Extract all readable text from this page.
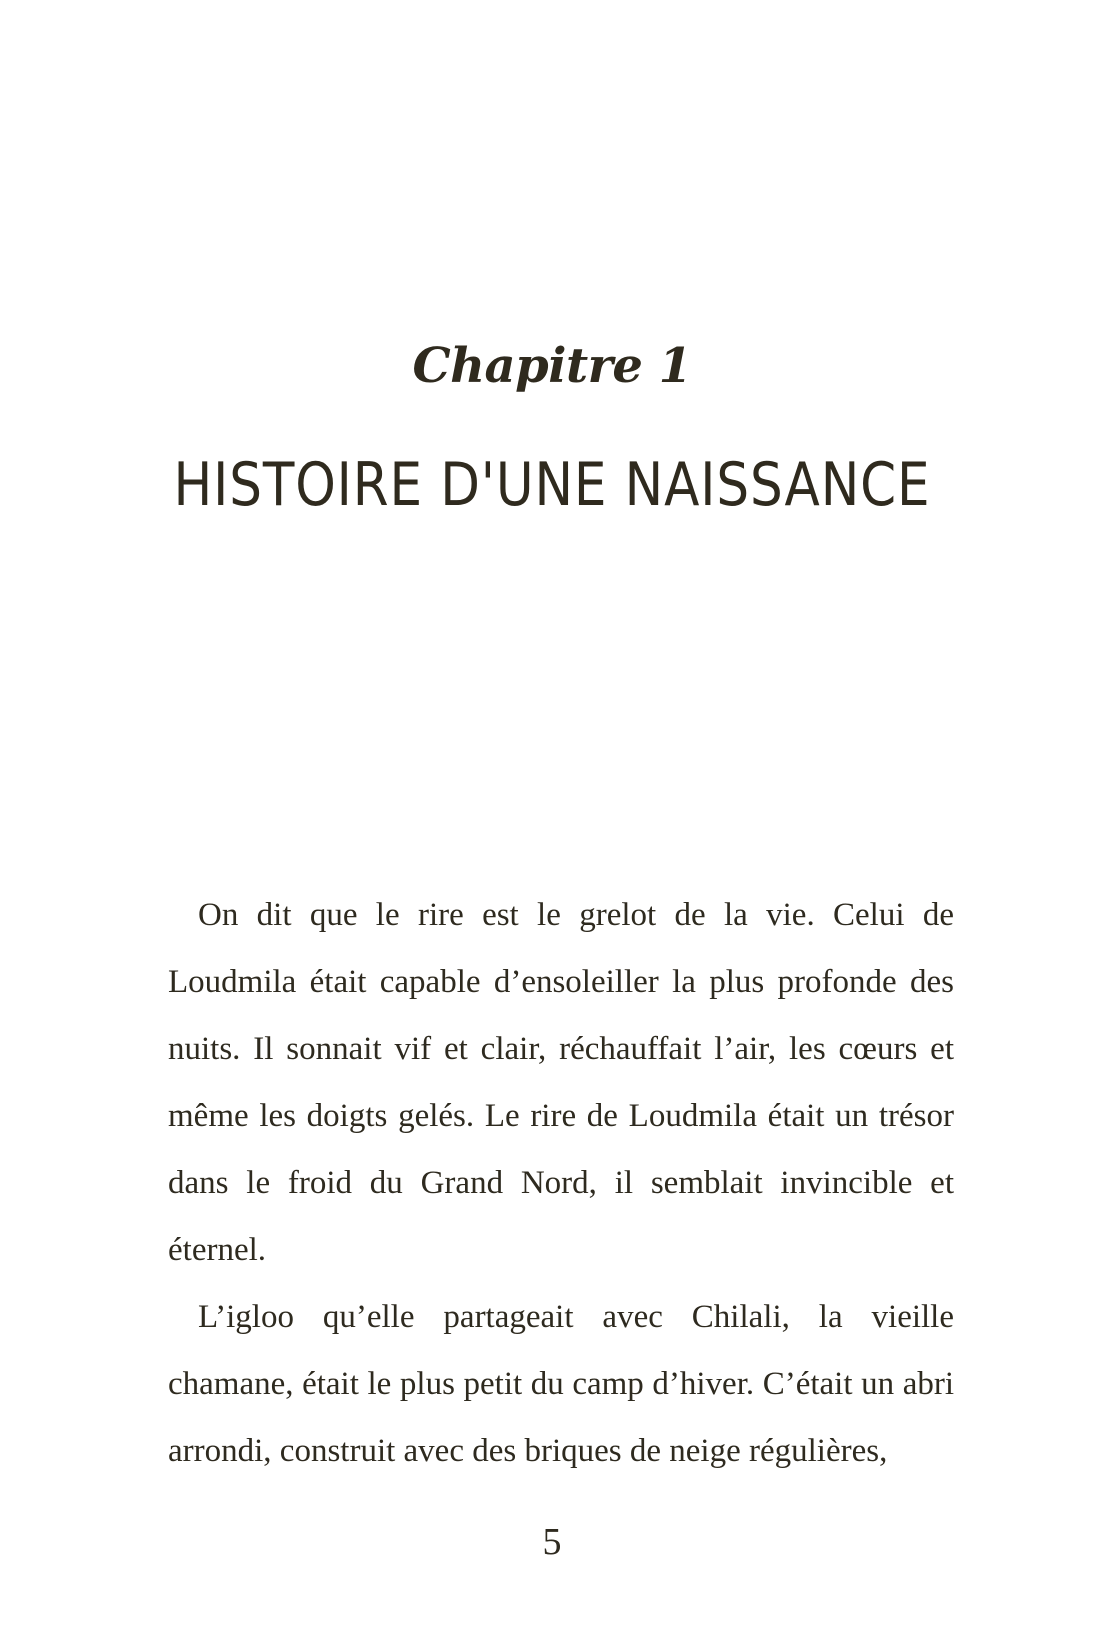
Chapitre 1
HISTOIRE D'UNE NAISSANCE

On dit que le rire est le grelot de la vie. Celui de Loudmila était capable d’ensoleiller la plus profonde des nuits. Il sonnait vif et clair, réchauffait l’air, les cœurs et même les doigts gelés. Le rire de Loudmila était un trésor dans le froid du Grand Nord, il semblait invincible et éternel.

L’igloo qu’elle partageait avec Chilali, la vieille chamane, était le plus petit du camp d’hiver. C’était un abri arrondi, construit avec des briques de neige régulières,

5
